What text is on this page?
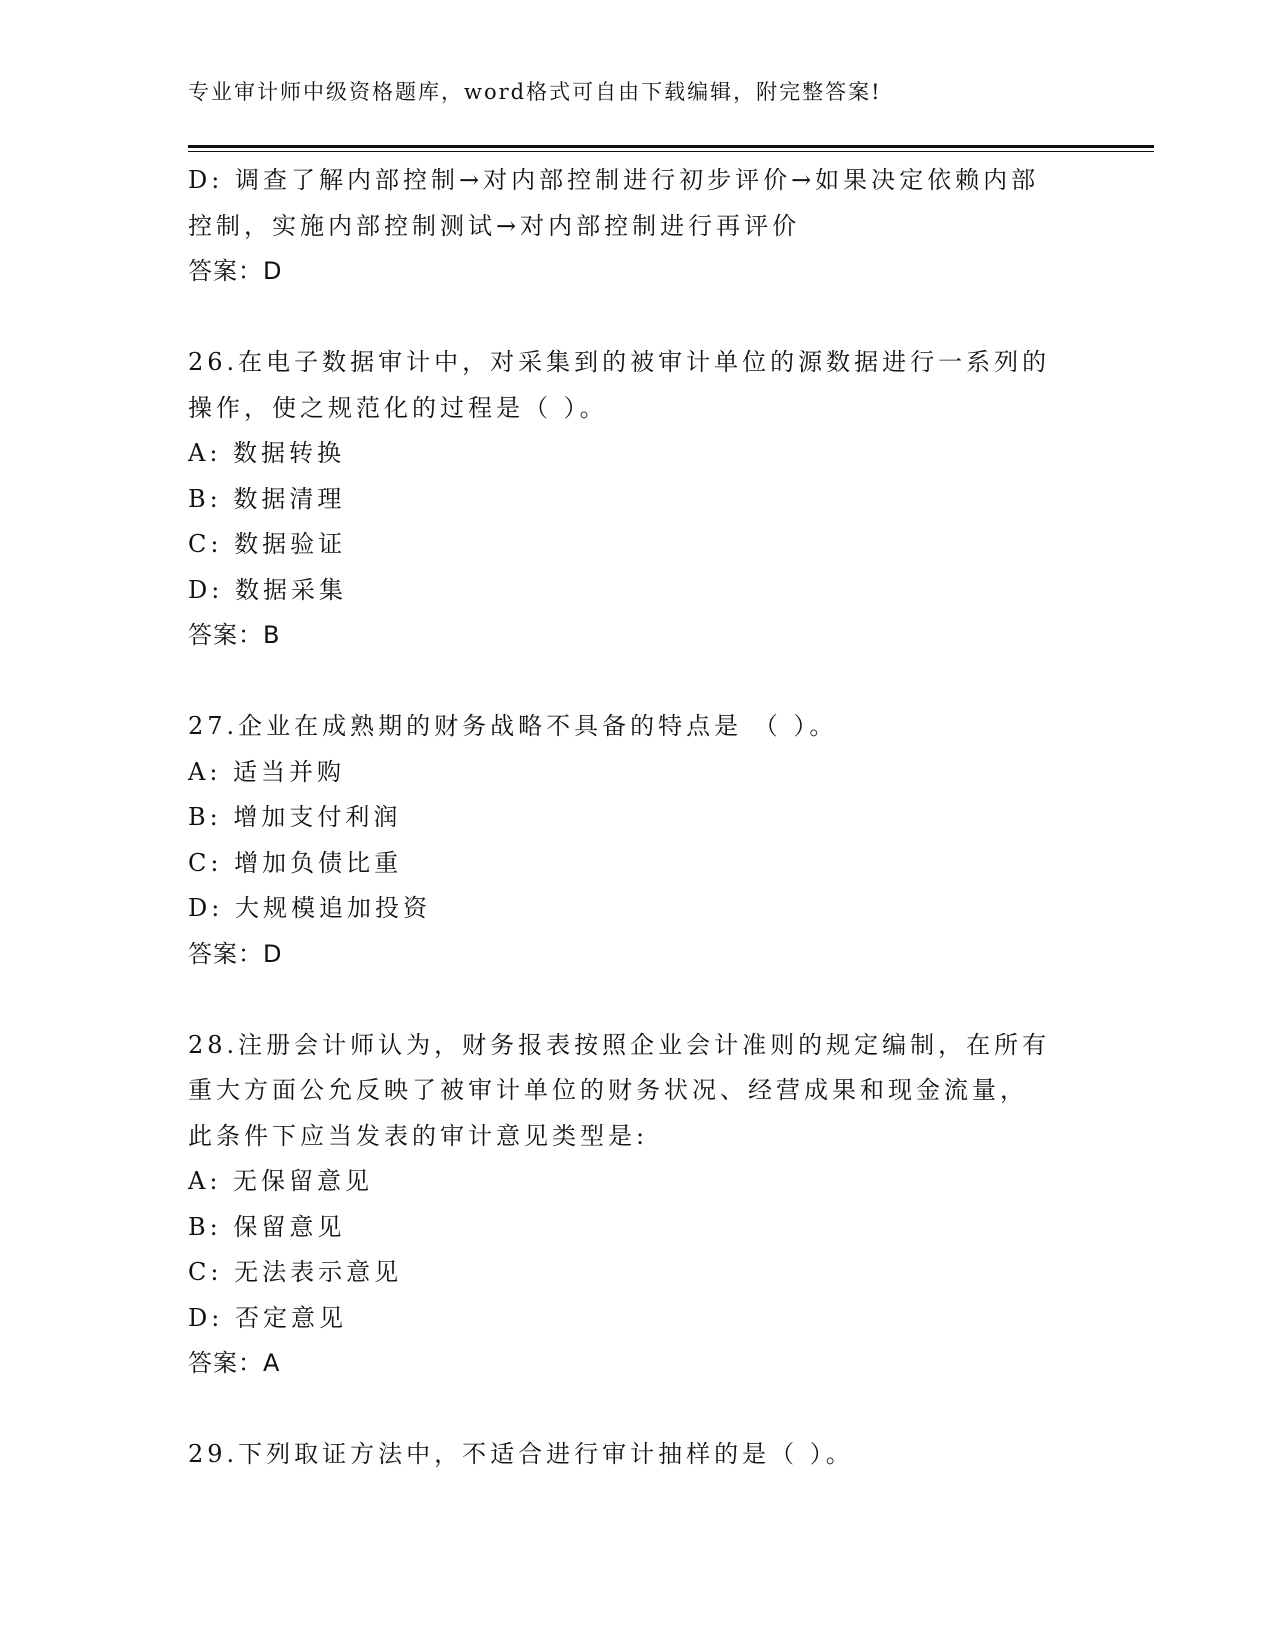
专业审计师中级资格题库，word格式可自由下载编辑，附完整答案!
D: 调查了解内部控制→对内部控制进行初步评价→如果决定依赖内部
控制，实施内部控制测试→对内部控制进行再评价
答案：D
26.在电子数据审计中，对采集到的被审计单位的源数据进行一系列的
操作，使之规范化的过程是（ ）。
A: 数据转换
B: 数据清理
C: 数据验证
D: 数据采集
答案：B
27.企业在成熟期的财务战略不具备的特点是 （ ）。
A: 适当并购
B: 增加支付利润
C: 增加负债比重
D: 大规模追加投资
答案：D
28.注册会计师认为，财务报表按照企业会计准则的规定编制，在所有
重大方面公允反映了被审计单位的财务状况、经营成果和现金流量，
此条件下应当发表的审计意见类型是:
A: 无保留意见
B: 保留意见
C: 无法表示意见
D: 否定意见
答案：A
29.下列取证方法中，不适合进行审计抽样的是（ ）。
